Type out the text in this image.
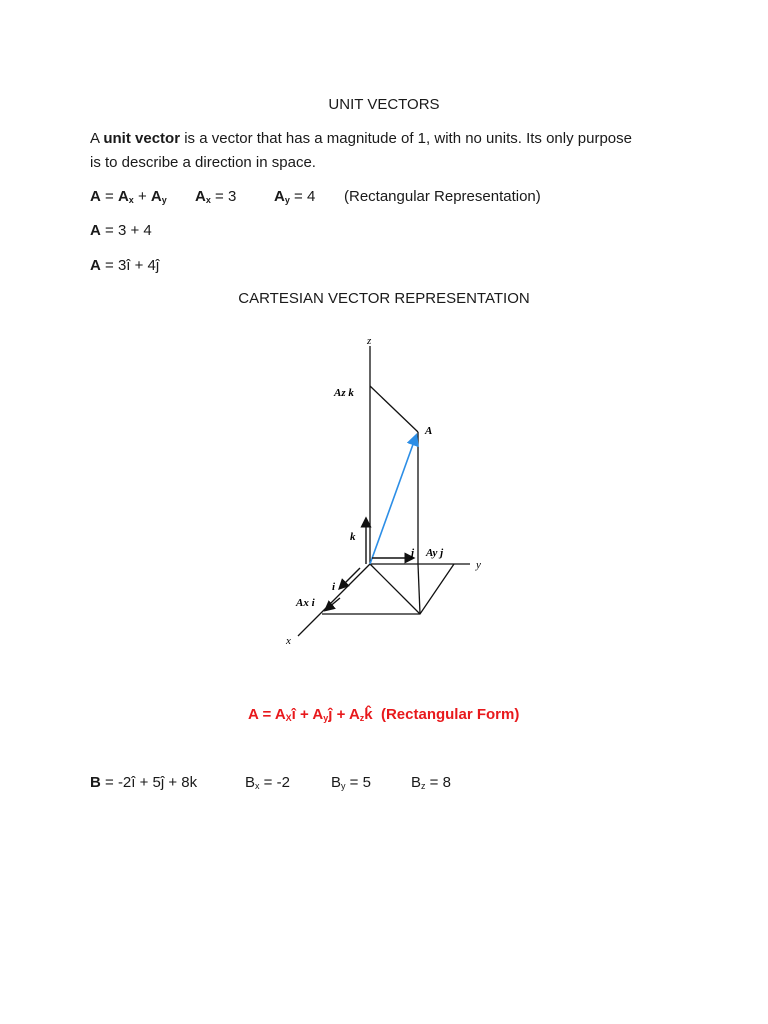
UNIT VECTORS
A unit vector is a vector that has a magnitude of 1, with no units. Its only purpose
is to describe a direction in space.
$A = A_x + A_y$ $A_x = 3$	$A_y = 4$ (Rectangular Representation)
A = 3 + 4
A = 3î + 4ĵ
CARTESIAN VECTOR REPRESENTATION
z
y
x
A
k
j
i
Az k
Ay j
Ax i
$A = A_Xî$ + $A_yĵ$ + $A_zk̂$ (Rectangular Form)
B = -2î + 5ĵ + 8k	$B_x = -2$	$B_y = 5$	$B_z = 8$
